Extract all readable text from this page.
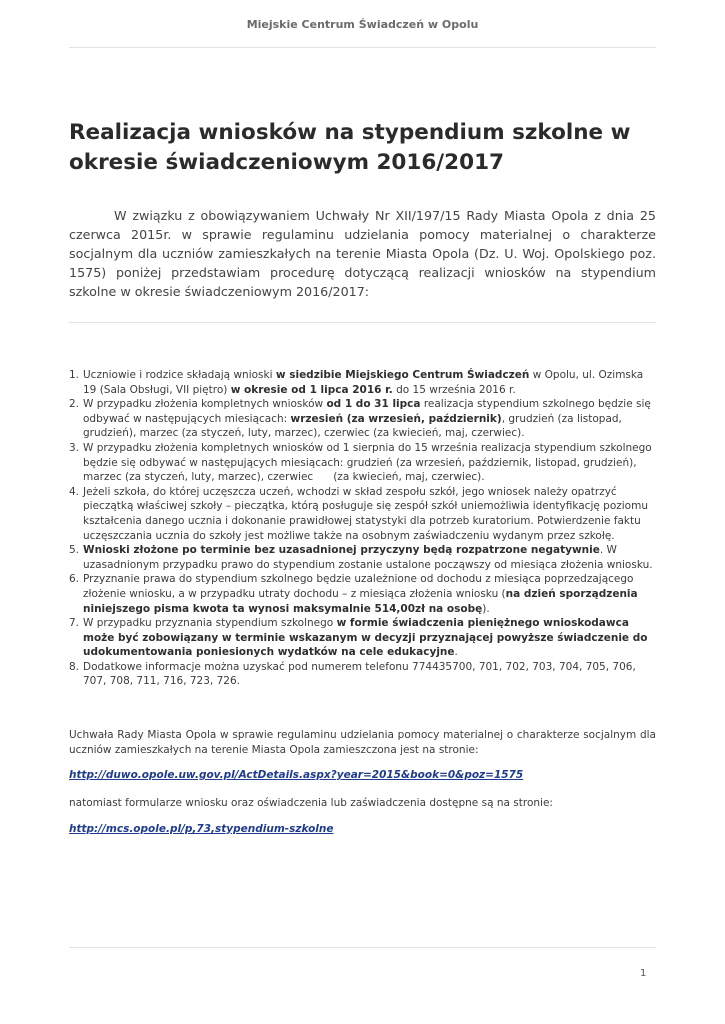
Miejskie Centrum Świadczeń w Opolu
Realizacja wniosków na stypendium szkolne w okresie świadczeniowym 2016/2017

W związku z obowiązywaniem Uchwały Nr XII/197/15 Rady Miasta Opola z dnia 25 czerwca 2015r. w sprawie regulaminu udzielania pomocy materialnej o charakterze socjalnym dla uczniów zamieszkałych na terenie Miasta Opola (Dz. U. Woj. Opolskiego poz. 1575) poniżej przedstawiam procedurę dotyczącą realizacji wniosków na stypendium szkolne w okresie świadczeniowym 2016/2017:

1. Uczniowie i rodzice składają wnioski w siedzibie Miejskiego Centrum Świadczeń w Opolu, ul. Ozimska 19 (Sala Obsługi, VII piętro) w okresie od 1 lipca 2016 r. do 15 września 2016 r.
2. W przypadku złożenia kompletnych wniosków od 1 do 31 lipca realizacja stypendium szkolnego będzie się odbywać w następujących miesiącach: wrzesień (za wrzesień, październik), grudzień (za listopad, grudzień), marzec (za styczeń, luty, marzec), czerwiec (za kwiecień, maj, czerwiec).
3. W przypadku złożenia kompletnych wniosków od 1 sierpnia do 15 września realizacja stypendium szkolnego będzie się odbywać w następujących miesiącach: grudzień (za wrzesień, październik, listopad, grudzień), marzec (za styczeń, luty, marzec), czerwiec      (za kwiecień, maj, czerwiec).
4. Jeżeli szkoła, do której uczęszcza uczeń, wchodzi w skład zespołu szkół, jego wniosek należy opatrzyć pieczątką właściwej szkoły – pieczątka, którą posługuje się zespół szkół uniemożliwia identyfikację poziomu kształcenia danego ucznia i dokonanie prawidłowej statystyki dla potrzeb kuratorium. Potwierdzenie faktu uczęszczania ucznia do szkoły jest możliwe także na osobnym zaświadczeniu wydanym przez szkołę.
5. Wnioski złożone po terminie bez uzasadnionej przyczyny będą rozpatrzone negatywnie. W uzasadnionym przypadku prawo do stypendium zostanie ustalone począwszy od miesiąca złożenia wniosku.
6. Przyznanie prawa do stypendium szkolnego będzie uzależnione od dochodu z miesiąca poprzedzającego złożenie wniosku, a w przypadku utraty dochodu – z miesiąca złożenia wniosku (na dzień sporządzenia niniejszego pisma kwota ta wynosi maksymalnie 514,00zł na osobę).
7. W przypadku przyznania stypendium szkolnego w formie świadczenia pieniężnego wnioskodawca może być zobowiązany w terminie wskazanym w decyzji przyznającej powyższe świadczenie do udokumentowania poniesionych wydatków na cele edukacyjne.
8. Dodatkowe informacje można uzyskać pod numerem telefonu 774435700, 701, 702, 703, 704, 705, 706, 707, 708, 711, 716, 723, 726.

Uchwała Rady Miasta Opola w sprawie regulaminu udzielania pomocy materialnej o charakterze socjalnym dla uczniów zamieszkałych na terenie Miasta Opola zamieszczona jest na stronie:

http://duwo.opole.uw.gov.pl/ActDetails.aspx?year=2015&book=0&poz=1575

natomiast formularze wniosku oraz oświadczenia lub zaświadczenia dostępne są na stronie:

http://mcs.opole.pl/p,73,stypendium-szkolne
1
